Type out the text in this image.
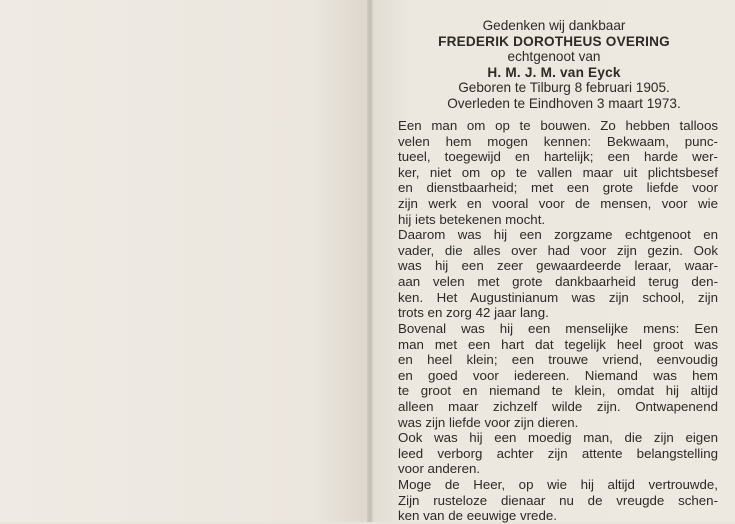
Gedenken wij dankbaar
FREDERIK DOROTHEUS OVERING
echtgenoot van
H. M. J. M. van Eyck
Geboren te Tilburg 8 februari 1905.
Overleden te Eindhoven 3 maart 1973.
Een man om op te bouwen. Zo hebben talloos
velen hem mogen kennen: Bekwaam, punc-
tueel, toegewijd en hartelijk; een harde wer-
ker, niet om op te vallen maar uit plichtsbesef
en dienstbaarheid; met een grote liefde voor
zijn werk en vooral voor de mensen, voor wie
hij iets betekenen mocht.
Daarom was hij een zorgzame echtgenoot en
vader, die alles over had voor zijn gezin. Ook
was hij een zeer gewaardeerde leraar, waar-
aan velen met grote dankbaarheid terug den-
ken. Het Augustinianum was zijn school, zijn
trots en zorg 42 jaar lang.
Bovenal was hij een menselijke mens: Een
man met een hart dat tegelijk heel groot was
en heel klein; een trouwe vriend, eenvoudig
en goed voor iedereen. Niemand was hem
te groot en niemand te klein, omdat hij altijd
alleen maar zichzelf wilde zijn. Ontwapenend
was zijn liefde voor zijn dieren.
Ook was hij een moedig man, die zijn eigen
leed verborg achter zijn attente belangstelling
voor anderen.
Moge de Heer, op wie hij altijd vertrouwde,
Zijn rusteloze dienaar nu de vreugde schen-
ken van de eeuwige vrede.
